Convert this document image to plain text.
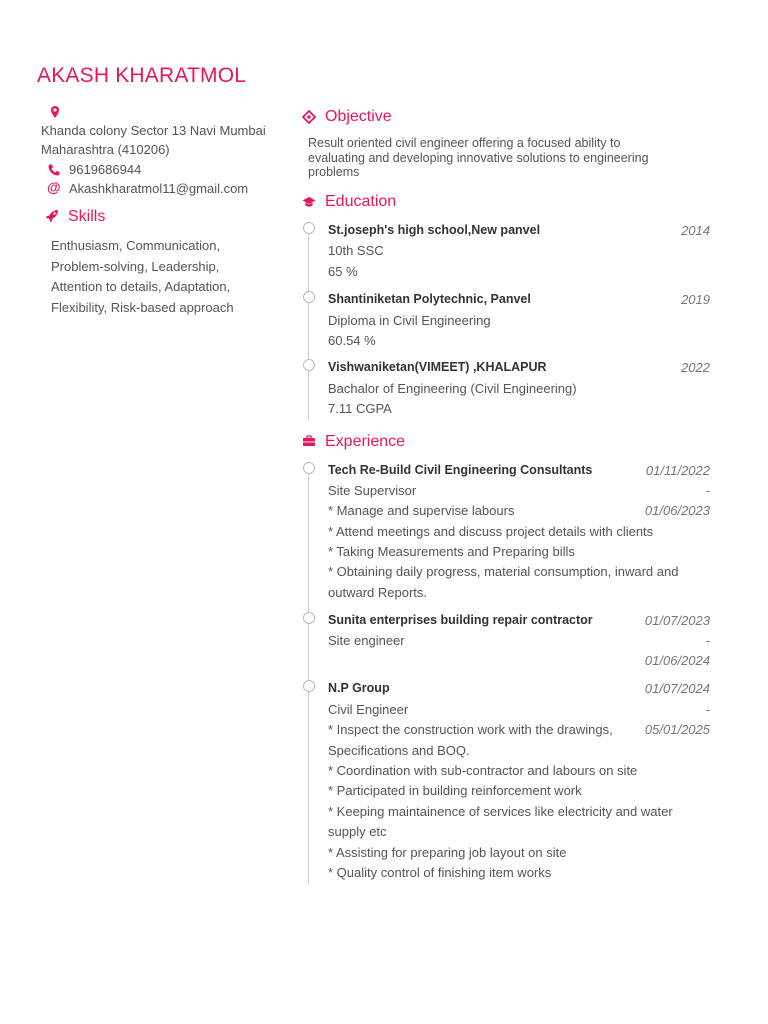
AKASH KHARATMOL
Khanda colony Sector 13 Navi Mumbai
Maharashtra (410206)
9619686944
@ Akashkharatmol11@gmail.com
Skills
Enthusiasm, Communication,
Problem-solving, Leadership,
Attention to details, Adaptation,
Flexibility, Risk-based approach
Objective
Result oriented civil engineer offering a focused ability to
evaluating and developing innovative solutions to engineering
problems
Education
St.joseph's high school,New panvel	2014
10th SSC
65 %
Shantiniketan Polytechnic, Panvel	2019
Diploma in Civil Engineering
60.54 %
Vishwaniketan(VIMEET) ,KHALAPUR	2022
Bachalor of Engineering (Civil Engineering)
7.11 CGPA
Experience
Tech Re-Build Civil Engineering Consultants	01/11/2022
Site Supervisor	-
* Manage and supervise labours	01/06/2023
* Attend meetings and discuss project details with clients
* Taking Measurements and Preparing bills
* Obtaining daily progress, material consumption, inward and
outward Reports.
Sunita enterprises building repair contractor	01/07/2023
Site engineer	-
01/06/2024
N.P Group	01/07/2024
Civil Engineer	-
* Inspect the construction work with the drawings, 05/01/2025
Specifications and BOQ.
* Coordination with sub-contractor and labours on site
* Participated in building reinforcement work
* Keeping maintainence of services like electricity and water
supply etc
* Assisting for preparing job layout on site
* Quality control of finishing item works
